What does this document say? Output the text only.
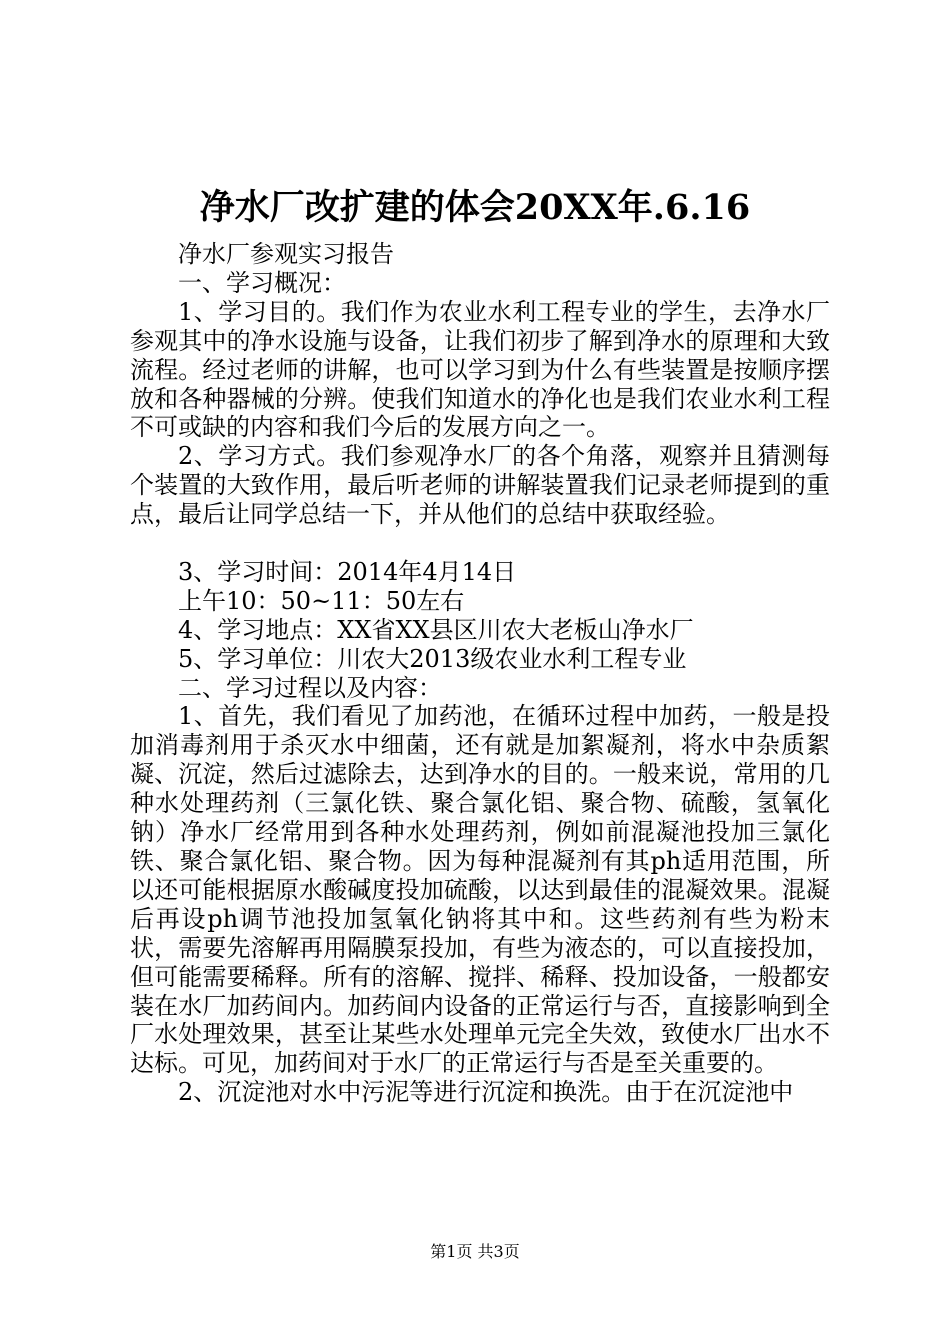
净水厂改扩建的体会20XX年.6.16

净水厂参观实习报告

一、学习概况：

1、学习目的。我们作为农业水利工程专业的学生，去净水厂参观其中的净水设施与设备，让我们初步了解到净水的原理和大致流程。经过老师的讲解，也可以学习到为什么有些装置是按顺序摆放和各种器械的分辨。使我们知道水的净化也是我们农业水利工程不可或缺的内容和我们今后的发展方向之一。

2、学习方式。我们参观净水厂的各个角落，观察并且猜测每个装置的大致作用，最后听老师的讲解装置我们记录老师提到的重点，最后让同学总结一下，并从他们的总结中获取经验。

3、学习时间：2014年4月14日

上午10：50~11：50左右

4、学习地点：XX省XX县区川农大老板山净水厂

5、学习单位：川农大2013级农业水利工程专业

二、学习过程以及内容：

1、首先，我们看见了加药池，在循环过程中加药，一般是投加消毒剂用于杀灭水中细菌，还有就是加絮凝剂，将水中杂质絮凝、沉淀，然后过滤除去，达到净水的目的。一般来说，常用的几种水处理药剂（三氯化铁、聚合氯化铝、聚合物、硫酸，氢氧化钠）净水厂经常用到各种水处理药剂，例如前混凝池投加三氯化铁、聚合氯化铝、聚合物。因为每种混凝剂有其ph适用范围，所以还可能根据原水酸碱度投加硫酸，以达到最佳的混凝效果。混凝后再设ph调节池投加氢氧化钠将其中和。这些药剂有些为粉末状，需要先溶解再用隔膜泵投加，有些为液态的，可以直接投加，但可能需要稀释。所有的溶解、搅拌、稀释、投加设备，一般都安装在水厂加药间内。加药间内设备的正常运行与否，直接影响到全厂水处理效果，甚至让某些水处理单元完全失效，致使水厂出水不达标。可见，加药间对于水厂的正常运行与否是至关重要的。

2、沉淀池对水中污泥等进行沉淀和换洗。由于在沉淀池中

第1页 共3页
